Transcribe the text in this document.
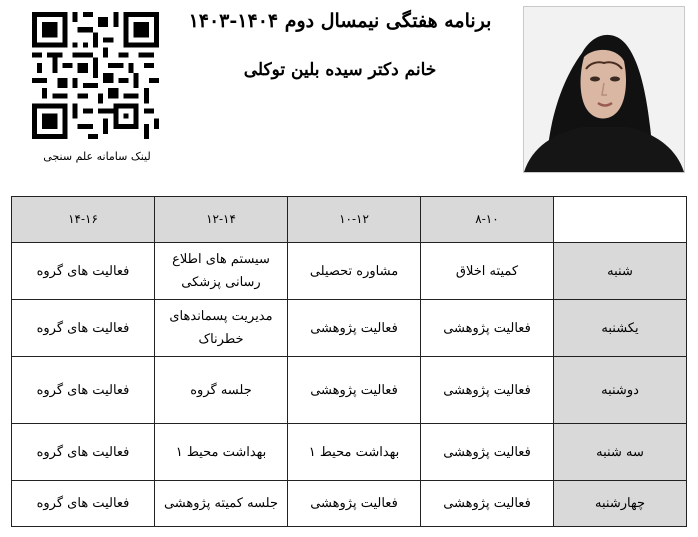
لینک سامانه علم سنجی
برنامه هفتگی نیمسال دوم ۱۴۰۴-۱۴۰۳
خانم دکتر سیده بلین توکلی
	۸-۱۰	۱۰-۱۲	۱۲-۱۴	۱۴-۱۶
شنبه	کمیته اخلاق	مشاوره تحصیلی	سیستم های اطلاع رسانی پزشکی	فعالیت های گروه
یکشنبه	فعالیت پژوهشی	فعالیت پژوهشی	مدیریت پسماندهای خطرناک	فعالیت های گروه
دوشنبه	فعالیت پژوهشی	فعالیت پژوهشی	جلسه گروه	فعالیت های گروه
سه شنبه	فعالیت پژوهشی	بهداشت محیط ۱	بهداشت محیط ۱	فعالیت های گروه
چهارشنبه	فعالیت پژوهشی	فعالیت پژوهشی	جلسه کمیته پژوهشی	فعالیت های گروه
